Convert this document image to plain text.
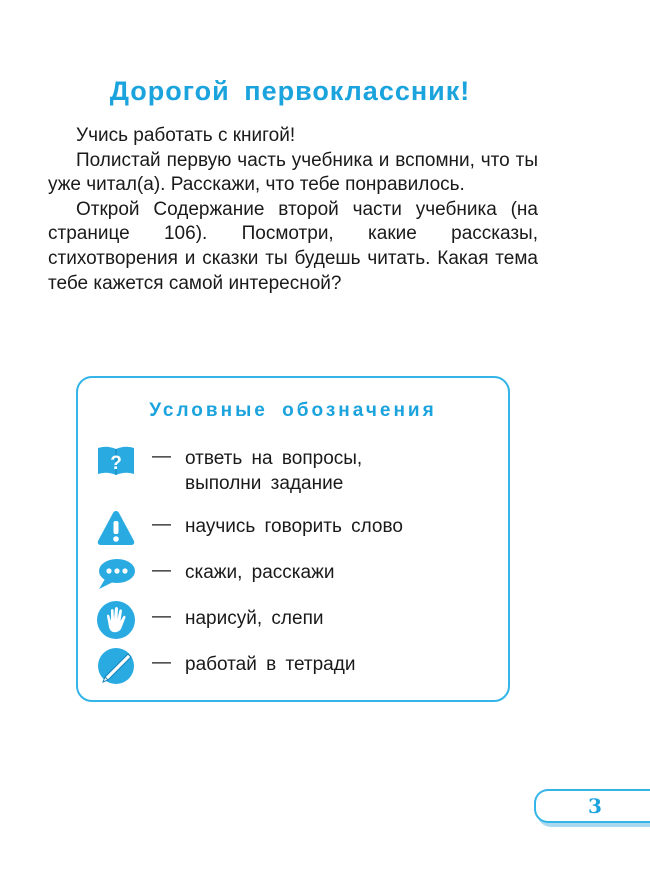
Дорогой первоклассник!

Учись работать с книгой!

Полистай первую часть учебника и вспомни, что ты уже читал(а). Расскажи, что тебе понравилось.

Открой Содержание второй части учебника (на странице 106). Посмотри, какие рассказы, стихотворения и сказки ты будешь читать. Какая тема тебе кажется самой интересной?

Условные обозначения
? — ответь на вопросы,
выполни задание
— научись говорить слово
— скажи, расскажи
— нарисуй, слепи
— работай в тетради
3
